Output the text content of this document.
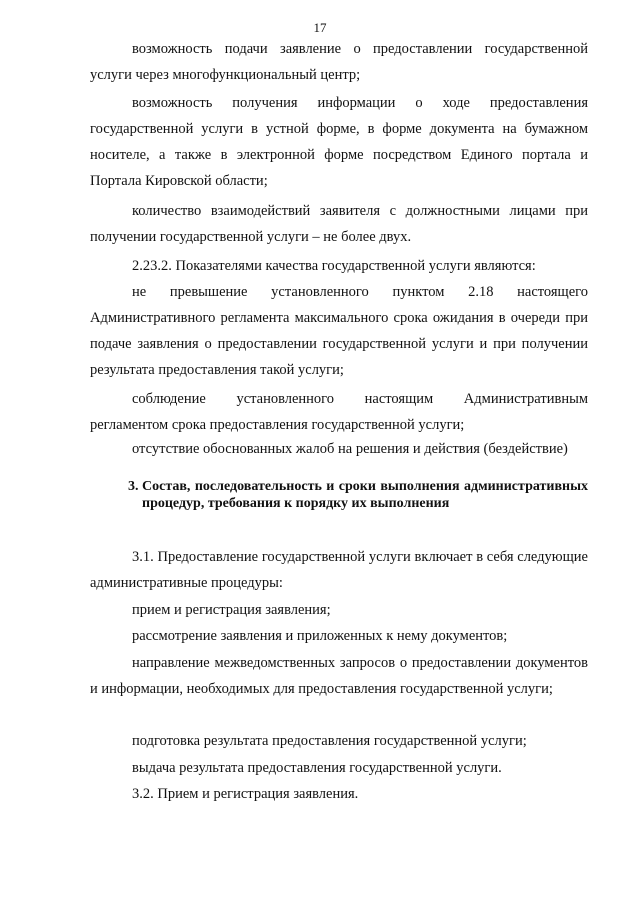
17

возможность подачи заявление о предоставлении государственной

услуги через многофункциональный центр;

возможность получения информации о ходе предоставления государственной услуги в устной форме, в форме документа на бумажном носителе, а также в электронной форме посредством Единого портала и Портала Кировской области;

количество взаимодействий заявителя с должностными лицами при получении государственной услуги – не более двух.

2.23.2. Показателями качества государственной услуги являются:

не превышение установленного пунктом 2.18 настоящего Административного регламента максимального срока ожидания в очереди при подаче заявления о предоставлении государственной услуги и при получении результата предоставления такой услуги;

соблюдение установленного настоящим Административным регламентом срока предоставления государственной услуги;

отсутствие обоснованных жалоб на решения и действия (бездействие)

3. Состав, последовательность и сроки выполнения административных процедур, требования к порядку их выполнения

3.1. Предоставление государственной услуги включает в себя следующие административные процедуры:

прием и регистрация заявления;

рассмотрение заявления и приложенных к нему документов;

направление межведомственных запросов о предоставлении документов и информации, необходимых для предоставления государственной услуги;

подготовка результата предоставления государственной услуги;

выдача результата предоставления государственной услуги.

3.2. Прием и регистрация заявления.
